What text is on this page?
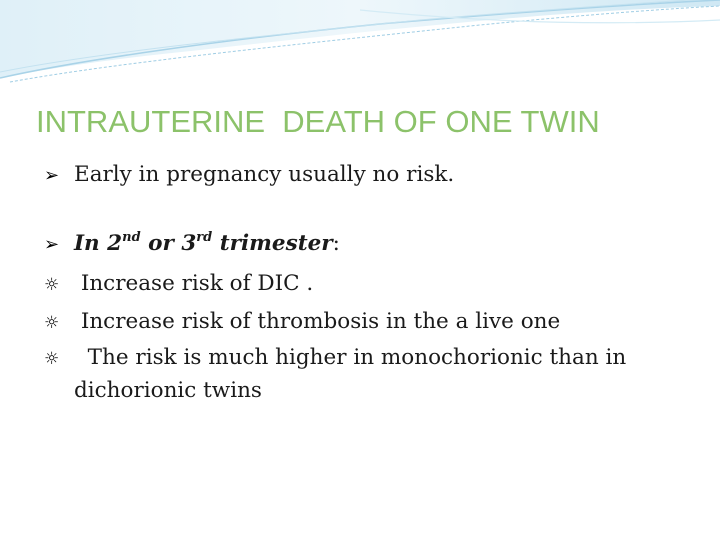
INTRAUTERINE  DEATH OF ONE TWIN
➢ Early in pregnancy usually no risk.
➢ In 2nd or 3rd trimester:
☼ Increase risk of DIC .
☼ Increase risk of thrombosis in the a live one
☼  The risk is much higher in monochorionic than in
dichorionic twins
